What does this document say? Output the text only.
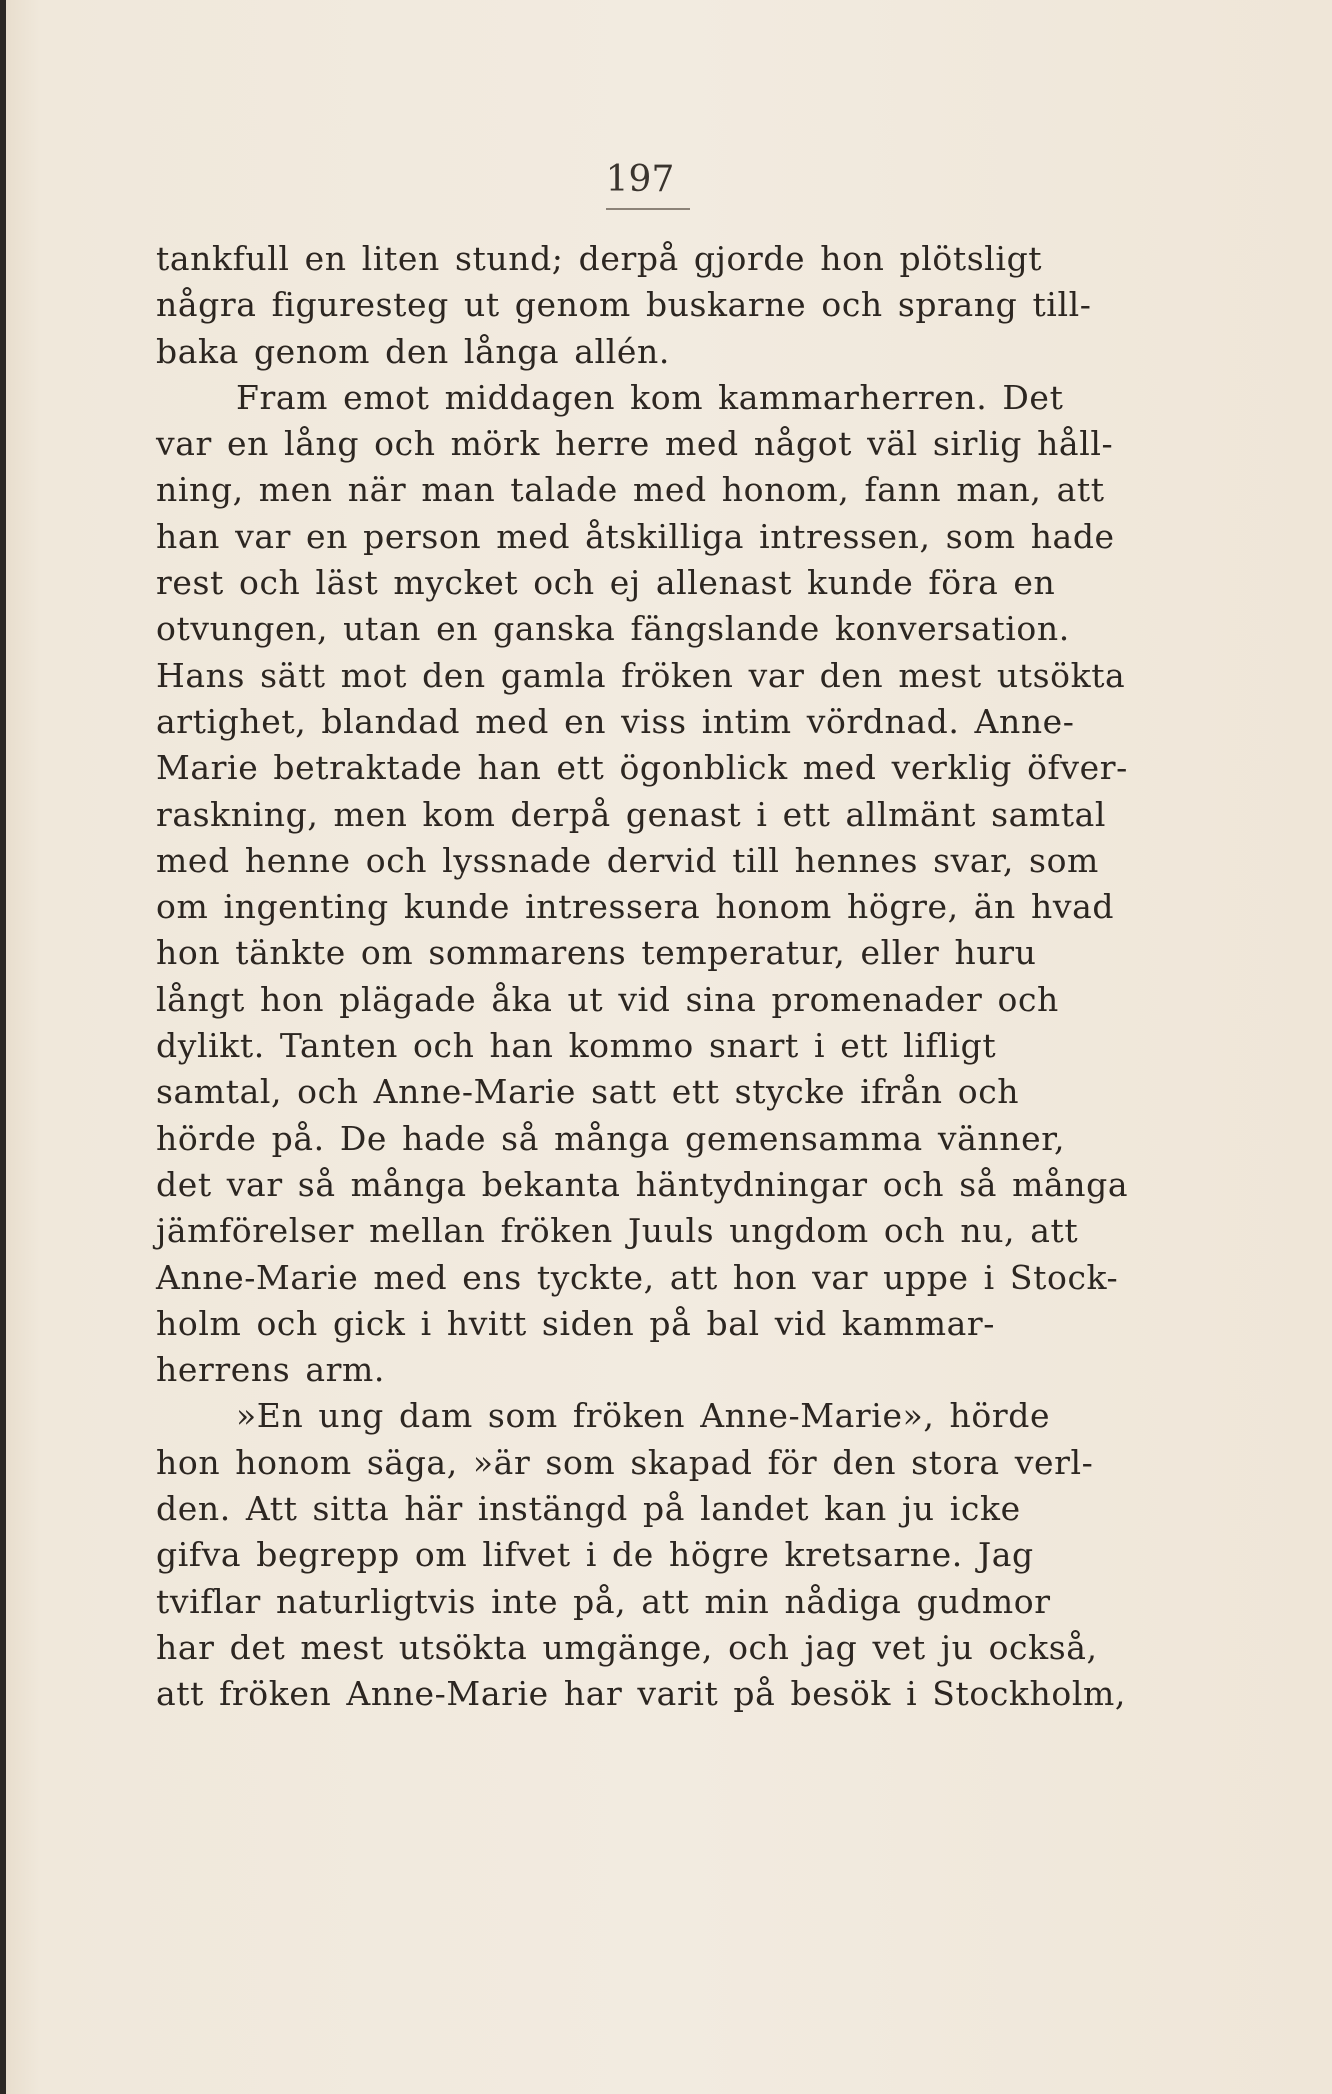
197
tankfull en liten stund; derpå gjorde hon plötsligt
några figuresteg ut genom buskarne och sprang till-
baka genom den långa allén.
Fram emot middagen kom kammarherren. Det
var en lång och mörk herre med något väl sirlig håll-
ning, men när man talade med honom, fann man, att
han var en person med åtskilliga intressen, som hade
rest och läst mycket och ej allenast kunde föra en
otvungen, utan en ganska fängslande konversation.
Hans sätt mot den gamla fröken var den mest utsökta
artighet, blandad med en viss intim vördnad. Anne-
Marie betraktade han ett ögonblick med verklig öfver-
raskning, men kom derpå genast i ett allmänt samtal
med henne och lyssnade dervid till hennes svar, som
om ingenting kunde intressera honom högre, än hvad
hon tänkte om sommarens temperatur, eller huru
långt hon plägade åka ut vid sina promenader och
dylikt. Tanten och han kommo snart i ett lifligt
samtal, och Anne-Marie satt ett stycke ifrån och
hörde på. De hade så många gemensamma vänner,
det var så många bekanta häntydningar och så många
jämförelser mellan fröken Juuls ungdom och nu, att
Anne-Marie med ens tyckte, att hon var uppe i Stock-
holm och gick i hvitt siden på bal vid kammar-
herrens arm.
»En ung dam som fröken Anne-Marie», hörde
hon honom säga, »är som skapad för den stora verl-
den. Att sitta här instängd på landet kan ju icke
gifva begrepp om lifvet i de högre kretsarne. Jag
tviflar naturligtvis inte på, att min nådiga gudmor
har det mest utsökta umgänge, och jag vet ju också,
att fröken Anne-Marie har varit på besök i Stockholm,
